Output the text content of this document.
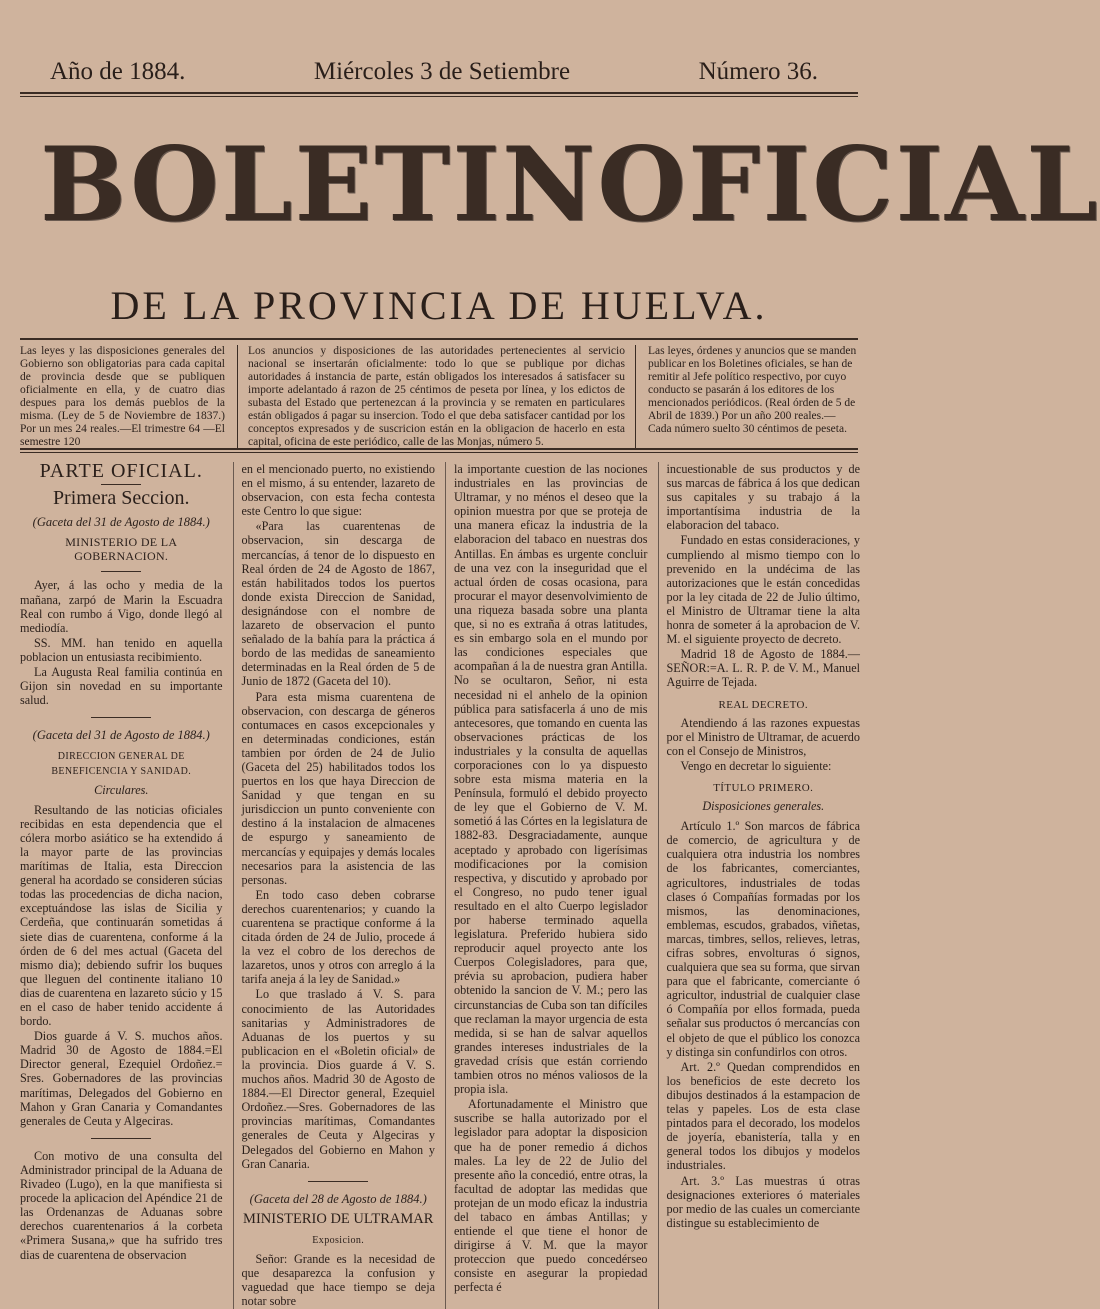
Año de 1884.	Miércoles 3 de Setiembre	Número 36.
BOLETIN OFICIAL
DE LA PROVINCIA DE HUELVA.
Las leyes y las disposiciones generales del Gobierno son obligatorias para cada capital de provincia desde que se publiquen oficialmente en ella, y de cuatro dias despues para los demás pueblos de la misma. (Ley de 5 de Noviembre de 1837.) Por un mes 24 reales.—El trimestre 64 —El semestre 120
Los anuncios y disposiciones de las autoridades pertenecientes al servicio nacional se insertarán oficialmente: todo lo que se publique por dichas autoridades á instancia de parte, están obligados los interesados á satisfacer su importe adelantado á razon de 25 céntimos de peseta por línea, y los edictos de subasta del Estado que pertenezcan á la provincia y se rematen en particulares están obligados á pagar su insercion. Todo el que deba satisfacer cantidad por los conceptos expresados y de suscricion están en la obligacion de hacerlo en esta capital, oficina de este periódico, calle de las Monjas, número 5.
Las leyes, órdenes y anuncios que se manden publicar en los Boletines oficiales, se han de remitir al Jefe político respectivo, por cuyo conducto se pasarán á los editores de los mencionados periódicos. (Real órden de 5 de Abril de 1839.) Por un año 200 reales.—Cada número suelto 30 céntimos de peseta.
PARTE OFICIAL.
Primera Seccion.
(Gaceta del 31 de Agosto de 1884.)
MINISTERIO DE LA GOBERNACION.

Ayer, á las ocho y media de la mañana, zarpó de Marin la Escuadra Real con rumbo á Vigo, donde llegó al mediodía.

SS. MM. han tenido en aquella poblacion un entusiasta recibimiento.

La Augusta Real familia continúa en Gijon sin novedad en su importante salud.

(Gaceta del 31 de Agosto de 1884.)
DIRECCION GENERAL DE BENEFICENCIA Y SANIDAD.
Circulares.

Resultando de las noticias oficiales recibidas en esta dependencia que el cólera morbo asiático se ha extendido á la mayor parte de las provincias marítimas de Italia, esta Direccion general ha acordado se consideren súcias todas las procedencias de dicha nacion, exceptuándose las islas de Sicilia y Cerdeña, que continuarán sometidas á siete dias de cuarentena, conforme á la órden de 6 del mes actual (Gaceta del mismo dia); debiendo sufrir los buques que lleguen del continente italiano 10 dias de cuarentena en lazareto súcio y 15 en el caso de haber tenido accidente á bordo.

Dios guarde á V. S. muchos años. Madrid 30 de Agosto de 1884.=El Director general, Ezequiel Ordoñez.= Sres. Gobernadores de las provincias marítimas, Delegados del Gobierno en Mahon y Gran Canaria y Comandantes generales de Ceuta y Algeciras.

Con motivo de una consulta del Administrador principal de la Aduana de Rivadeo (Lugo), en la que manifiesta si procede la aplicacion del Apéndice 21 de las Ordenanzas de Aduanas sobre derechos cuarentenarios á la corbeta «Primera Susana,» que ha sufrido tres dias de cuarentena de observacion

en el mencionado puerto, no existiendo en el mismo, á su entender, lazareto de observacion, con esta fecha contesta este Centro lo que sigue:

«Para las cuarentenas de observacion, sin descarga de mercancías, á tenor de lo dispuesto en Real órden de 24 de Agosto de 1867, están habilitados todos los puertos donde exista Direccion de Sanidad, designándose con el nombre de lazareto de observacion el punto señalado de la bahía para la práctica á bordo de las medidas de saneamiento determinadas en la Real órden de 5 de Junio de 1872 (Gaceta del 10).

Para esta misma cuarentena de observacion, con descarga de géneros contumaces en casos excepcionales y en determinadas condiciones, están tambien por órden de 24 de Julio (Gaceta del 25) habilitados todos los puertos en los que haya Direccion de Sanidad y que tengan en su jurisdiccion un punto conveniente con destino á la instalacion de almacenes de espurgo y saneamiento de mercancías y equipajes y demás locales necesarios para la asistencia de las personas.

En todo caso deben cobrarse derechos cuarentenarios; y cuando la cuarentena se practique conforme á la citada órden de 24 de Julio, procede á la vez el cobro de los derechos de lazaretos, unos y otros con arreglo á la tarifa aneja á la ley de Sanidad.»

Lo que traslado á V. S. para conocimiento de las Autoridades sanitarias y Administradores de Aduanas de los puertos y su publicacion en el «Boletin oficial» de la provincia. Dios guarde á V. S. muchos años. Madrid 30 de Agosto de 1884.—El Director general, Ezequiel Ordoñez.—Sres. Gobernadores de las provincias marítimas, Comandantes generales de Ceuta y Algeciras y Delegados del Gobierno en Mahon y Gran Canaria.

(Gaceta del 28 de Agosto de 1884.)
MINISTERIO DE ULTRAMAR
Exposicion.

Señor: Grande es la necesidad de que desaparezca la confusion y vaguedad que hace tiempo se deja notar sobre

la importante cuestion de las nociones industriales en las provincias de Ultramar, y no ménos el deseo que la opinion muestra por que se proteja de una manera eficaz la industria de la elaboracion del tabaco en nuestras dos Antillas. En ámbas es urgente concluir de una vez con la inseguridad que el actual órden de cosas ocasiona, para procurar el mayor desenvolvimiento de una riqueza basada sobre una planta que, si no es extraña á otras latitudes, es sin embargo sola en el mundo por las condiciones especiales que acompañan á la de nuestra gran Antilla. No se ocultaron, Señor, ni esta necesidad ni el anhelo de la opinion pública para satisfacerla á uno de mis antecesores, que tomando en cuenta las observaciones prácticas de los industriales y la consulta de aquellas corporaciones con lo ya dispuesto sobre esta misma materia en la Península, formuló el debido proyecto de ley que el Gobierno de V. M. sometió á las Córtes en la legislatura de 1882-83. Desgraciadamente, aunque aceptado y aprobado con ligerísimas modificaciones por la comision respectiva, y discutido y aprobado por el Congreso, no pudo tener igual resultado en el alto Cuerpo legislador por haberse terminado aquella legislatura. Preferido hubiera sido reproducir aquel proyecto ante los Cuerpos Colegisladores, para que, prévia su aprobacion, pudiera haber obtenido la sancion de V. M.; pero las circunstancias de Cuba son tan difíciles que reclaman la mayor urgencia de esta medida, si se han de salvar aquellos grandes intereses industriales de la gravedad crísis que están corriendo tambien otros no ménos valiosos de la propia isla.

Afortunadamente el Ministro que suscribe se halla autorizado por el legislador para adoptar la disposicion que ha de poner remedio á dichos males. La ley de 22 de Julio del presente año la concedió, entre otras, la facultad de adoptar las medidas que protejan de un modo eficaz la industria del tabaco en ámbas Antillas; y entiende el que tiene el honor de dirigirse á V. M. que la mayor proteccion que puedo concedérseo consiste en asegurar la propiedad perfecta é

incuestionable de sus productos y de sus marcas de fábrica á los que dedican sus capitales y su trabajo á la importantísima industria de la elaboracion del tabaco.

Fundado en estas consideraciones, y cumpliendo al mismo tiempo con lo prevenido en la undécima de las autorizaciones que le están concedidas por la ley citada de 22 de Julio último, el Ministro de Ultramar tiene la alta honra de someter á la aprobacion de V. M. el siguiente proyecto de decreto.

Madrid 18 de Agosto de 1884.— SEÑOR:=A. L. R. P. de V. M., Manuel Aguirre de Tejada.

REAL DECRETO.

Atendiendo á las razones expuestas por el Ministro de Ultramar, de acuerdo con el Consejo de Ministros,

Vengo en decretar lo siguiente:

TÍTULO PRIMERO.
Disposiciones generales.

Artículo 1.º Son marcos de fábrica de comercio, de agricultura y de cualquiera otra industria los nombres de los fabricantes, comerciantes, agricultores, industriales de todas clases ó Compañías formadas por los mismos, las denominaciones, emblemas, escudos, grabados, viñetas, marcas, timbres, sellos, relieves, letras, cifras sobres, envolturas ó signos, cualquiera que sea su forma, que sirvan para que el fabricante, comerciante ó agricultor, industrial de cualquier clase ó Compañía por ellos formada, pueda señalar sus productos ó mercancías con el objeto de que el público los conozca y distinga sin confundirlos con otros.

Art. 2.º Quedan comprendidos en los beneficios de este decreto los dibujos destinados á la estampacion de telas y papeles. Los de esta clase pintados para el decorado, los modelos de joyería, ebanistería, talla y en general todos los dibujos y modelos industriales.

Art. 3.º Las muestras ú otras designaciones exteriores ó materiales por medio de las cuales un comerciante distingue su establecimiento de
